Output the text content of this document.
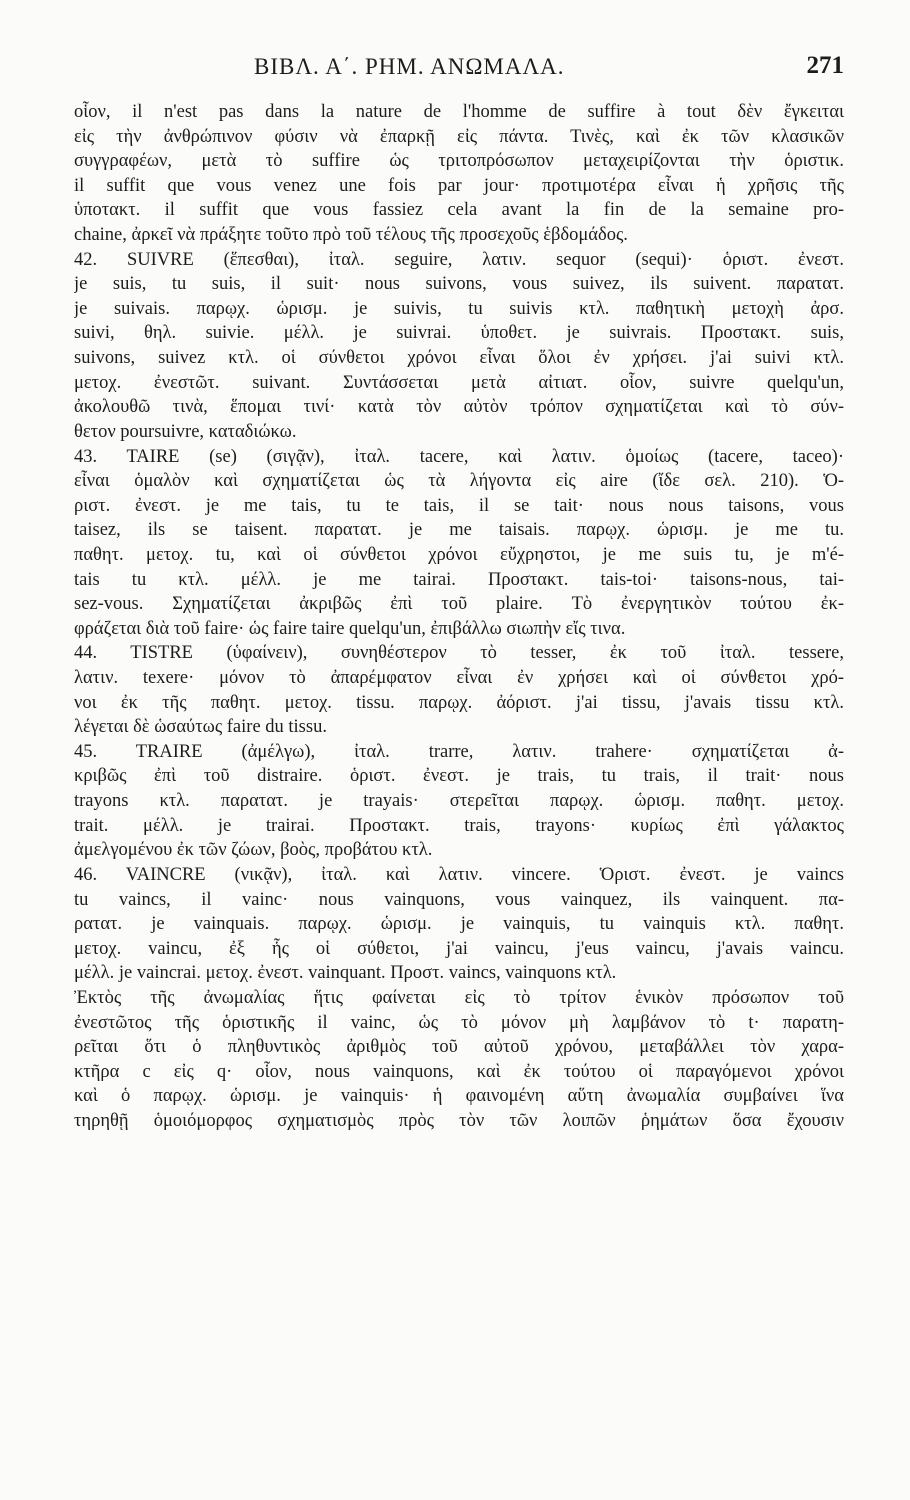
ΒΙΒΛ. Α΄. ΡΗΜ. ΑΝΩΜΑΛΑ.	271
οἷον, il n'est pas dans la nature de l'homme de suffire à tout δὲν ἔγκειται
εἰς τὴν ἀνθρώπινον φύσιν νὰ ἐπαρκῇ εἰς πάντα. Τινὲς, καὶ ἐκ τῶν κλασικῶν
συγγραφέων, μετὰ τὸ suffire ὡς τριτοπρόσωπον μεταχειρίζονται τὴν ὁριστικ.
il suffit que vous venez une fois par jour· προτιμοτέρα εἶναι ἡ χρῆσις τῆς
ὑποτακτ. il suffit que vous fassiez cela avant la fin de la semaine pro-
chaine, ἀρκεῖ νὰ πράξητε τοῦτο πρὸ τοῦ τέλους τῆς προσεχοῦς ἑβδομάδος.
42. SUIVRE (ἕπεσθαι), ἰταλ. seguire, λατιν. sequor (sequi)· ὁριστ. ἐνεστ.
je suis, tu suis, il suit· nous suivons, vous suivez, ils suivent. παρατατ.
je suivais. παρῳχ. ὡρισμ. je suivis, tu suivis κτλ. παθητικὴ μετοχὴ ἀρσ.
suivi, θηλ. suivie. μέλλ. je suivrai. ὑποθετ. je suivrais. Προστακτ. suis,
suivons, suivez κτλ. οἱ σύνθετοι χρόνοι εἶναι ὅλοι ἐν χρήσει. j'ai suivi κτλ.
μετοχ. ἐνεστῶτ. suivant. Συντάσσεται μετὰ αἰτιατ. οἷον, suivre quelqu'un,
ἀκολουθῶ τινὰ, ἕπομαι τινί· κατὰ τὸν αὐτὸν τρόπον σχηματίζεται καὶ τὸ σύν-
θετον poursuivre, καταδιώκω.
43. TAIRE (se) (σιγᾷν), ἰταλ. tacere, καὶ λατιν. ὁμοίως (tacere, taceo)·
εἶναι ὁμαλὸν καὶ σχηματίζεται ὡς τὰ λήγοντα εἰς aire (ἴδε σελ. 210). Ὁ-
ριστ. ἐνεστ. je me tais, tu te tais, il se tait· nous nous taisons, vous
taisez, ils se taisent. παρατατ. je me taisais. παρῳχ. ὡρισμ. je me tu.
παθητ. μετοχ. tu, καὶ οἱ σύνθετοι χρόνοι εὔχρηστοι, je me suis tu, je m'é-
tais tu κτλ. μέλλ. je me tairai. Προστακτ. tais-toi· taisons-nous, tai-
sez-vous. Σχηματίζεται ἀκριβῶς ἐπὶ τοῦ plaire. Τὸ ἐνεργητικὸν τούτου ἐκ-
φράζεται διὰ τοῦ faire· ὡς faire taire quelqu'un, ἐπιβάλλω σιωπὴν εἴς τινα.
44. TISTRE (ὑφαίνειν), συνηθέστερον τὸ tesser, ἐκ τοῦ ἰταλ. tessere,
λατιν. texere· μόνον τὸ ἀπαρέμφατον εἶναι ἐν χρήσει καὶ οἱ σύνθετοι χρό-
νοι ἐκ τῆς παθητ. μετοχ. tissu. παρῳχ. ἀόριστ. j'ai tissu, j'avais tissu κτλ.
λέγεται δὲ ὡσαύτως faire du tissu.
45. TRAIRE (ἀμέλγω), ἰταλ. trarre, λατιν. trahere· σχηματίζεται ἀ-
κριβῶς ἐπὶ τοῦ distraire. ὁριστ. ἐνεστ. je trais, tu trais, il trait· nous
trayons κτλ. παρατατ. je trayais· στερεῖται παρῳχ. ὡρισμ. παθητ. μετοχ.
trait. μέλλ. je trairai. Προστακτ. trais, trayons· κυρίως ἐπὶ γάλακτος
ἀμελγομένου ἐκ τῶν ζώων, βοὸς, προβάτου κτλ.
46. VAINCRE (νικᾷν), ἰταλ. καὶ λατιν. vincere. Ὁριστ. ἐνεστ. je vaincs
tu vaincs, il vainc· nous vainquons, vous vainquez, ils vainquent. πα-
ρατατ. je vainquais. παρῳχ. ὡρισμ. je vainquis, tu vainquis κτλ. παθητ.
μετοχ. vaincu, ἐξ ἧς οἱ σύθετοι, j'ai vaincu, j'eus vaincu, j'avais vaincu.
μέλλ. je vaincrai. μετοχ. ἐνεστ. vainquant. Προστ. vaincs, vainquons κτλ.
Ἐκτὸς τῆς ἀνωμαλίας ἥτις φαίνεται εἰς τὸ τρίτον ἑνικὸν πρόσωπον τοῦ
ἐνεστῶτος τῆς ὁριστικῆς il vainc, ὡς τὸ μόνον μὴ λαμβάνον τὸ t· παρατη-
ρεῖται ὅτι ὁ πληθυντικὸς ἀριθμὸς τοῦ αὐτοῦ χρόνου, μεταβάλλει τὸν χαρα-
κτῆρα c εἰς q· οἷον, nous vainquons, καὶ ἐκ τούτου οἱ παραγόμενοι χρόνοι
καὶ ὁ παρῳχ. ὡρισμ. je vainquis· ἡ φαινομένη αὕτη ἀνωμαλία συμβαίνει ἵνα
τηρηθῇ ὁμοιόμορφος σχηματισμὸς πρὸς τὸν τῶν λοιπῶν ῥημάτων ὅσα ἔχουσιν
